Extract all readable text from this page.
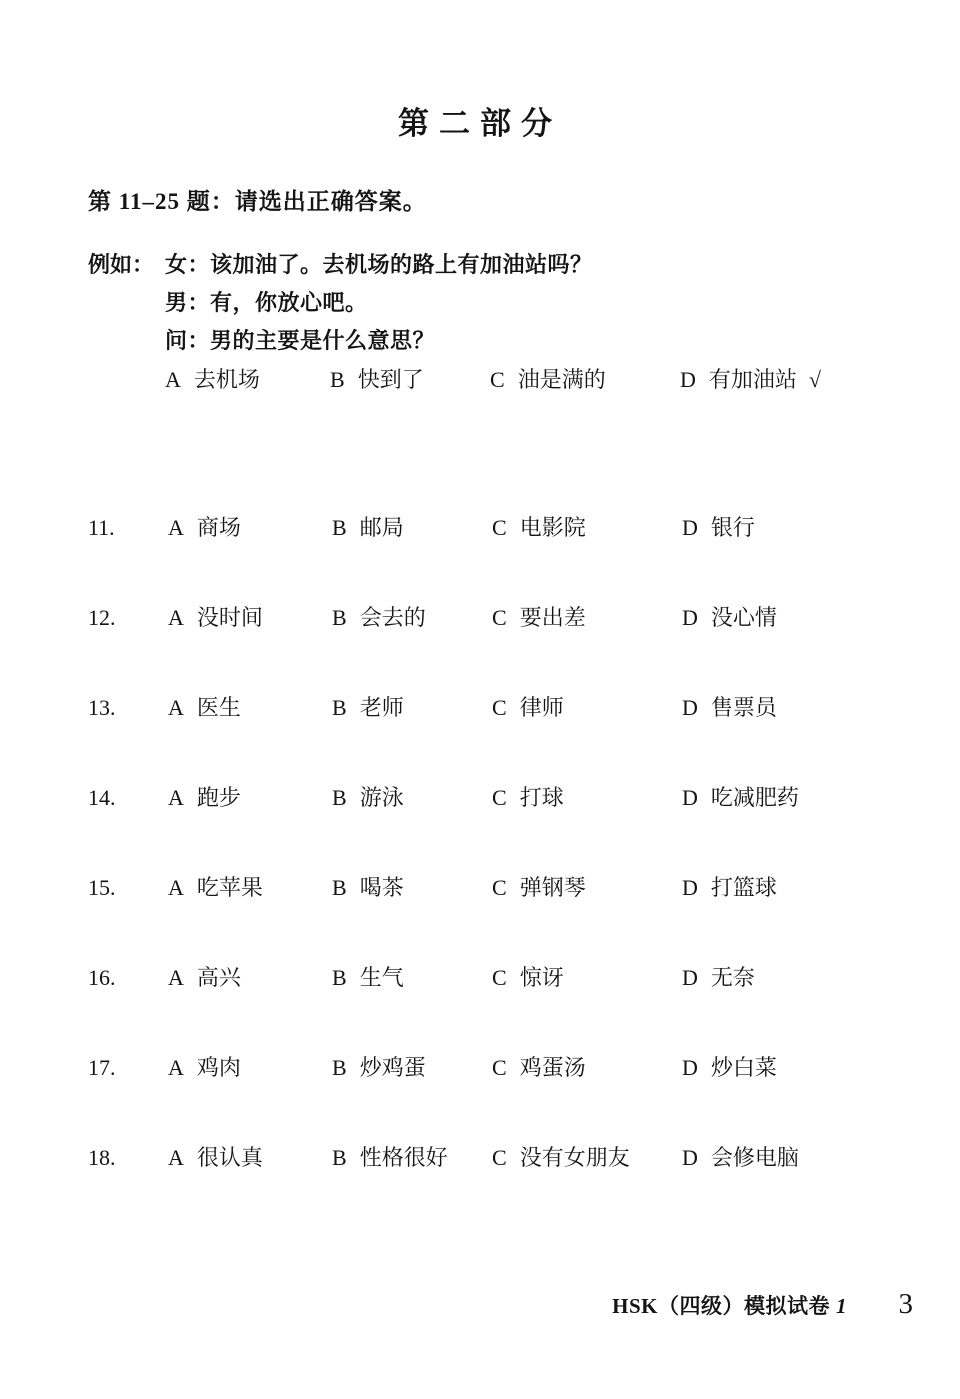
第二部分
第 11–25 题：请选出正确答案。
例如： 女：该加油了。去机场的路上有加油站吗？
男：有，你放心吧。
问：男的主要是什么意思？
A 去机场	B 快到了	C 油是满的	D 有加油站 √
11.	A 商场	B 邮局	C 电影院	D 银行
12.	A 没时间	B 会去的	C 要出差	D 没心情
13.	A 医生	B 老师	C 律师	D 售票员
14.	A 跑步	B 游泳	C 打球	D 吃减肥药
15.	A 吃苹果	B 喝茶	C 弹钢琴	D 打篮球
16.	A 高兴	B 生气	C 惊讶	D 无奈
17.	A 鸡肉	B 炒鸡蛋	C 鸡蛋汤	D 炒白菜
18.	A 很认真	B 性格很好 C 没有女朋友 D 会修电脑
HSK（四级）模拟试卷 1 3
